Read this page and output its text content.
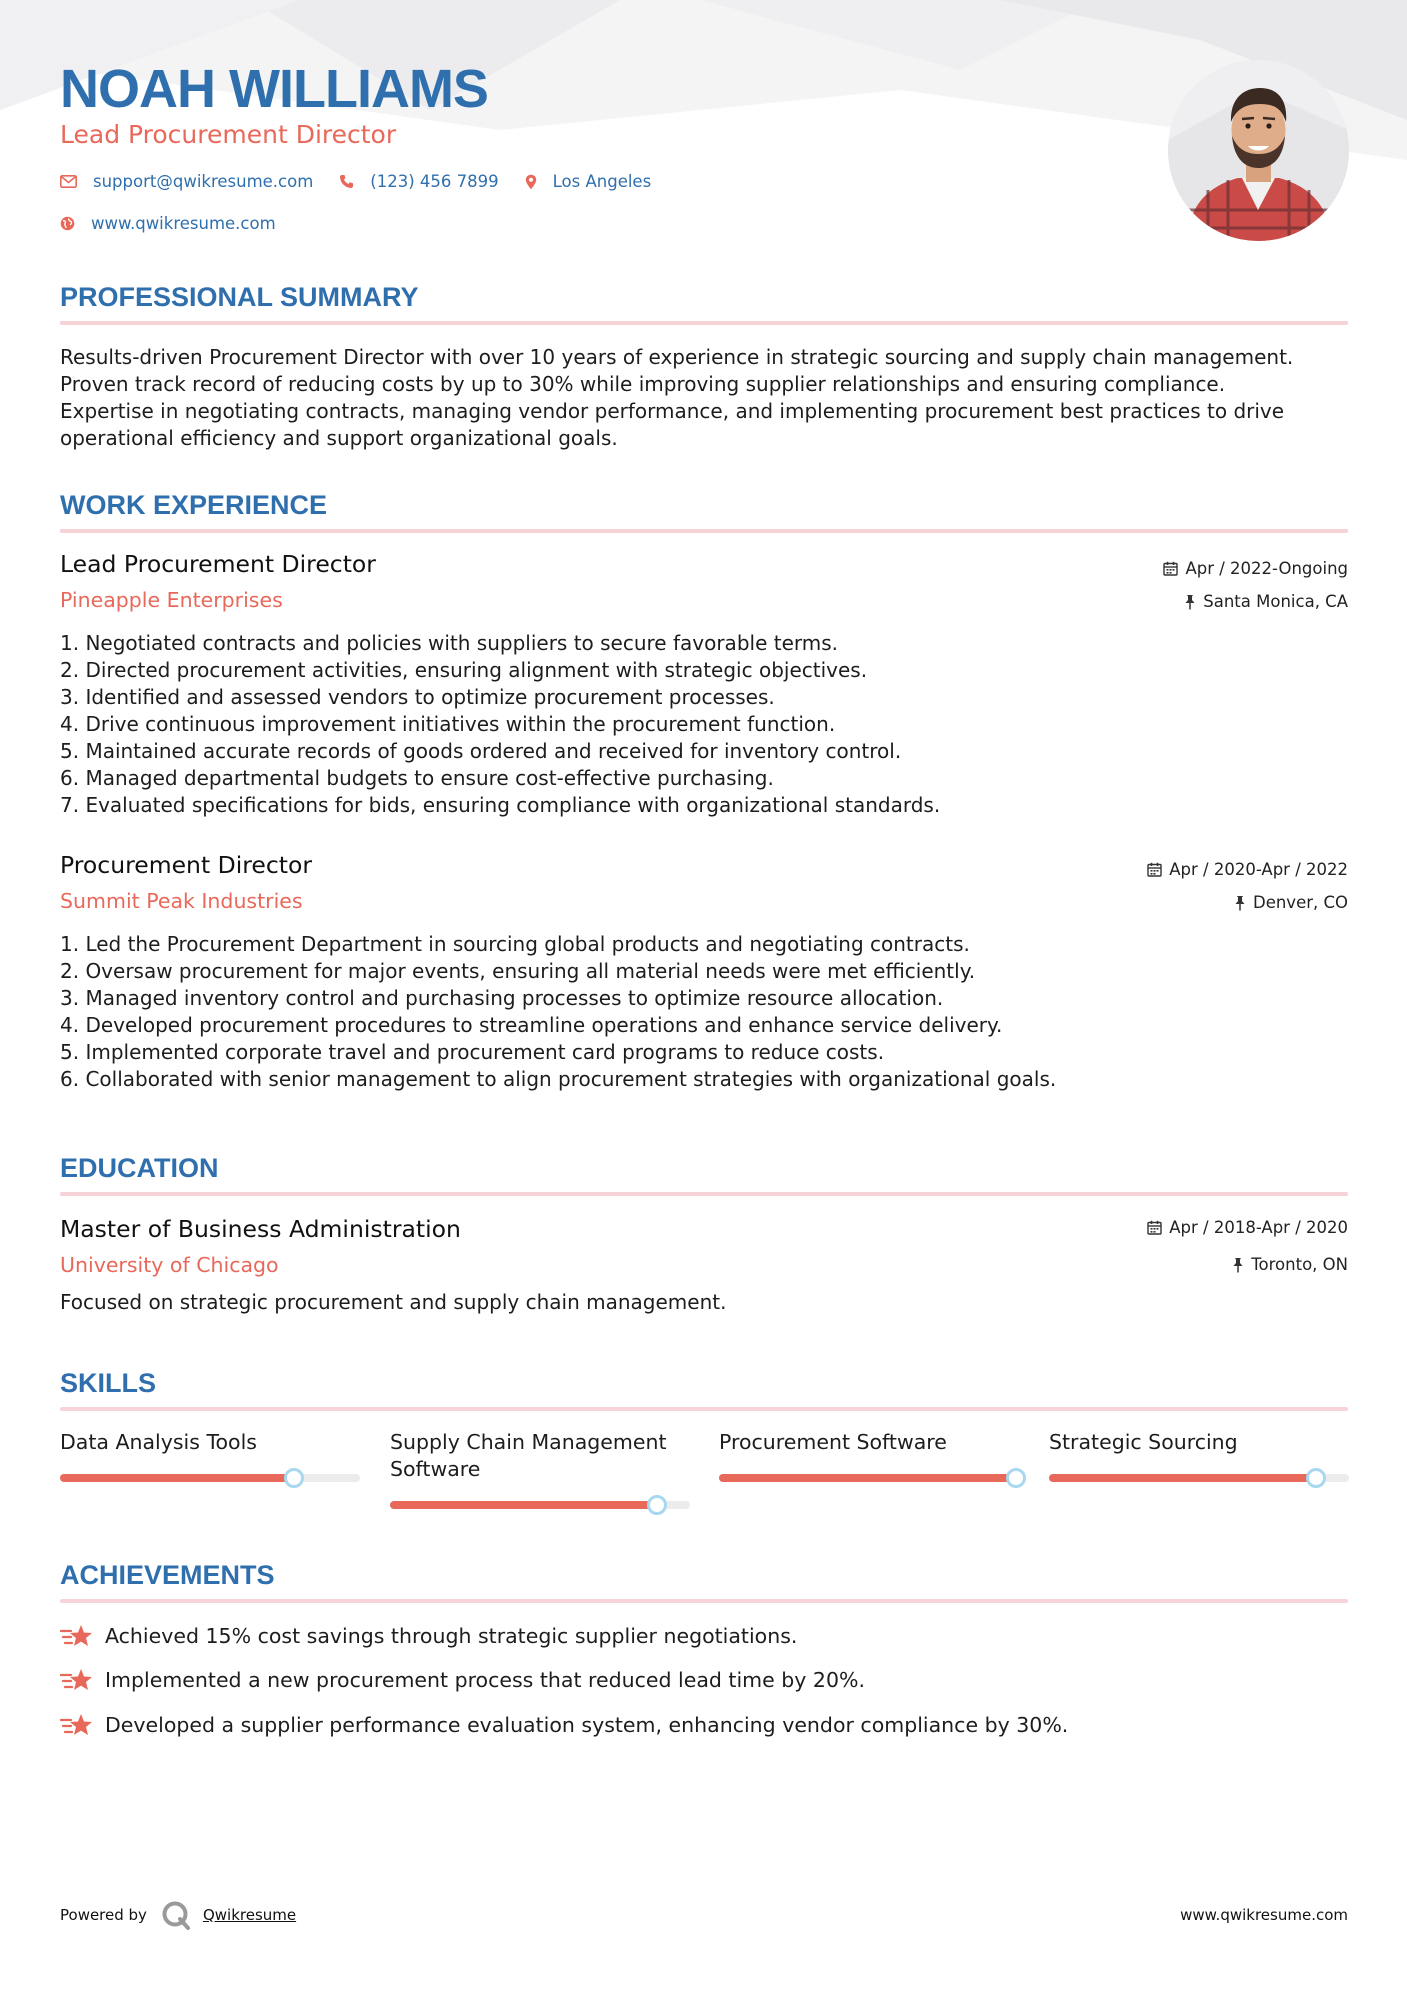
NOAH WILLIAMS
Lead Procurement Director
support@qwikresume.com	(123) 456 7899	Los Angeles
www.qwikresume.com
PROFESSIONAL SUMMARY
Results-driven Procurement Director with over 10 years of experience in strategic sourcing and supply chain management.
Proven track record of reducing costs by up to 30% while improving supplier relationships and ensuring compliance.
Expertise in negotiating contracts, managing vendor performance, and implementing procurement best practices to drive
operational efficiency and support organizational goals.
WORK EXPERIENCE
Lead Procurement Director
Pineapple Enterprises
Apr / 2022-Ongoing
Santa Monica, CA
1. Negotiated contracts and policies with suppliers to secure favorable terms.
2. Directed procurement activities, ensuring alignment with strategic objectives.
3. Identified and assessed vendors to optimize procurement processes.
4. Drive continuous improvement initiatives within the procurement function.
5. Maintained accurate records of goods ordered and received for inventory control.
6. Managed departmental budgets to ensure cost-effective purchasing.
7. Evaluated specifications for bids, ensuring compliance with organizational standards.
Procurement Director
Summit Peak Industries
Apr / 2020-Apr / 2022
Denver, CO
1. Led the Procurement Department in sourcing global products and negotiating contracts.
2. Oversaw procurement for major events, ensuring all material needs were met efficiently.
3. Managed inventory control and purchasing processes to optimize resource allocation.
4. Developed procurement procedures to streamline operations and enhance service delivery.
5. Implemented corporate travel and procurement card programs to reduce costs.
6. Collaborated with senior management to align procurement strategies with organizational goals.
EDUCATION
Master of Business Administration
University of Chicago
Apr / 2018-Apr / 2020
Toronto, ON
Focused on strategic procurement and supply chain management.
SKILLS
Data Analysis Tools	Supply Chain Management
Software
Procurement Software	Strategic Sourcing
ACHIEVEMENTS
Achieved 15% cost savings through strategic supplier negotiations.
Implemented a new procurement process that reduced lead time by 20%.
Developed a supplier performance evaluation system, enhancing vendor compliance by 30%.
Powered by	Qwikresume	www.qwikresume.com
